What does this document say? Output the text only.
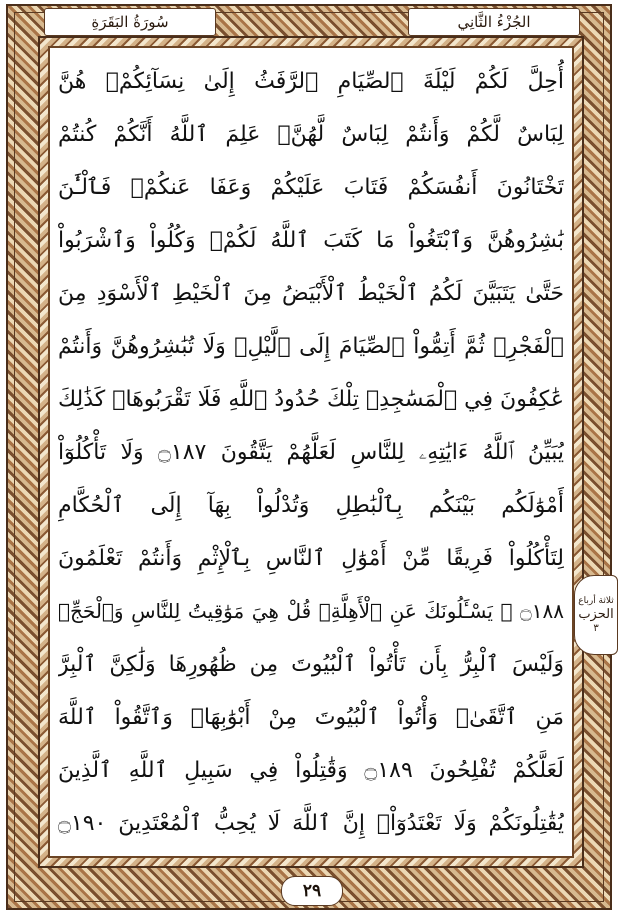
الجُزْءُ الثَّانِي
سُورَةُ البَقَرَةِ
ثلاثة أرباع
الحزب
٣
أُحِلَّ لَكُمْ لَيْلَةَ ٱلصِّيَامِ ٱلرَّفَثُ إِلَىٰ نِسَآئِكُمْۚ هُنَّ
لِبَاسٌ لَّكُمْ وَأَنتُمْ لِبَاسٌ لَّهُنَّۗ عَلِمَ ٱللَّهُ أَنَّكُمْ كُنتُمْ
تَخْتَانُونَ أَنفُسَكُمْ فَتَابَ عَلَيْكُمْ وَعَفَا عَنكُمْۖ فَٱلْـَٰٔنَ
بَٰشِرُوهُنَّ وَٱبْتَغُواْ مَا كَتَبَ ٱللَّهُ لَكُمْۚ وَكُلُواْ وَٱشْرَبُواْ
حَتَّىٰ يَتَبَيَّنَ لَكُمُ ٱلْخَيْطُ ٱلْأَبْيَضُ مِنَ ٱلْخَيْطِ ٱلْأَسْوَدِ مِنَ
ٱلْفَجْرِۖ ثُمَّ أَتِمُّواْ ٱلصِّيَامَ إِلَى ٱلَّيْلِۚ وَلَا تُبَٰشِرُوهُنَّ وَأَنتُمْ
عَٰكِفُونَ فِي ٱلْمَسَٰجِدِۗ تِلْكَ حُدُودُ ٱللَّهِ فَلَا تَقْرَبُوهَاۗ كَذَٰلِكَ
يُبَيِّنُ ٱللَّهُ ءَايَٰتِهِۦ لِلنَّاسِ لَعَلَّهُمْ يَتَّقُونَ ۝١٨٧ وَلَا تَأْكُلُوٓاْ
أَمْوَٰلَكُم بَيْنَكُم بِٱلْبَٰطِلِ وَتُدْلُواْ بِهَآ إِلَى ٱلْحُكَّامِ
لِتَأْكُلُواْ فَرِيقًا مِّنْ أَمْوَٰلِ ٱلنَّاسِ بِٱلْإِثْمِ وَأَنتُمْ تَعْلَمُونَ
۝١٨٨ ۞ يَسْـَٔلُونَكَ عَنِ ٱلْأَهِلَّةِۖ قُلْ هِيَ مَوَٰقِيتُ لِلنَّاسِ وَٱلْحَجِّۗ
وَلَيْسَ ٱلْبِرُّ بِأَن تَأْتُواْ ٱلْبُيُوتَ مِن ظُهُورِهَا وَلَٰكِنَّ ٱلْبِرَّ
مَنِ ٱتَّقَىٰۗ وَأْتُواْ ٱلْبُيُوتَ مِنْ أَبْوَٰبِهَاۚ وَٱتَّقُواْ ٱللَّهَ
لَعَلَّكُمْ تُفْلِحُونَ ۝١٨٩ وَقَٰتِلُواْ فِي سَبِيلِ ٱللَّهِ ٱلَّذِينَ
يُقَٰتِلُونَكُمْ وَلَا تَعْتَدُوٓاْۚ إِنَّ ٱللَّهَ لَا يُحِبُّ ٱلْمُعْتَدِينَ ۝١٩٠
٢٩
